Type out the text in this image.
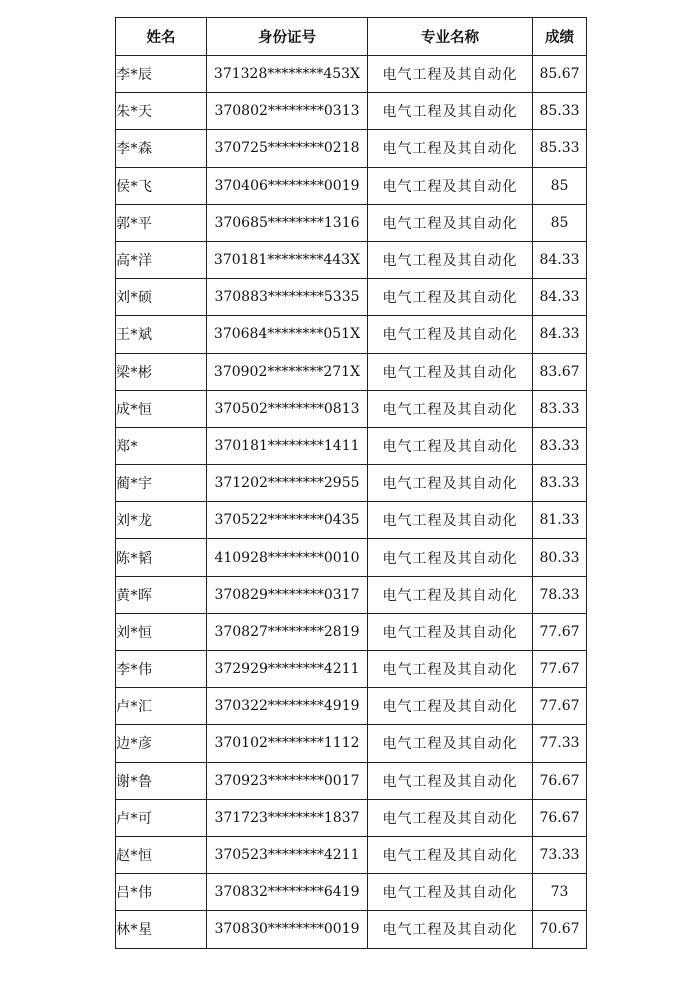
姓名	身份证号	专业名称	成绩
李*辰	371328********453X	电气工程及其自动化	85.67
朱*天	370802********0313	电气工程及其自动化	85.33
李*森	370725********0218	电气工程及其自动化	85.33
侯*飞	370406********0019	电气工程及其自动化	85
郭*平	370685********1316	电气工程及其自动化	85
高*洋	370181********443X	电气工程及其自动化	84.33
刘*硕	370883********5335	电气工程及其自动化	84.33
王*斌	370684********051X	电气工程及其自动化	84.33
梁*彬	370902********271X	电气工程及其自动化	83.67
成*恒	370502********0813	电气工程及其自动化	83.33
郑*	370181********1411	电气工程及其自动化	83.33
蔺*宇	371202********2955	电气工程及其自动化	83.33
刘*龙	370522********0435	电气工程及其自动化	81.33
陈*韬	410928********0010	电气工程及其自动化	80.33
黄*晖	370829********0317	电气工程及其自动化	78.33
刘*恒	370827********2819	电气工程及其自动化	77.67
李*伟	372929********4211	电气工程及其自动化	77.67
卢*汇	370322********4919	电气工程及其自动化	77.67
边*彦	370102********1112	电气工程及其自动化	77.33
谢*鲁	370923********0017	电气工程及其自动化	76.67
卢*可	371723********1837	电气工程及其自动化	76.67
赵*恒	370523********4211	电气工程及其自动化	73.33
吕*伟	370832********6419	电气工程及其自动化	73
林*星	370830********0019	电气工程及其自动化	70.67
